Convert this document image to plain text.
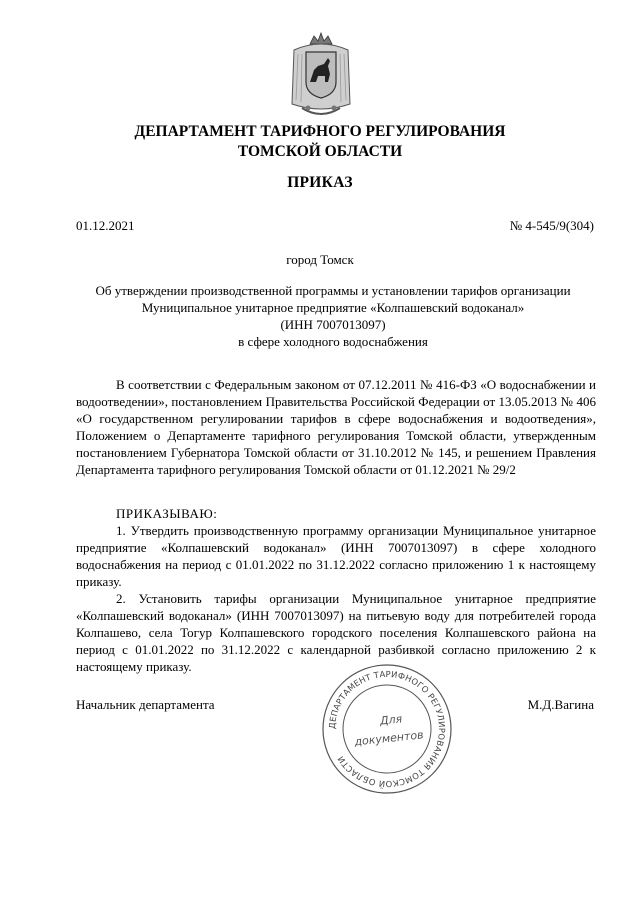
ДЕПАРТАМЕНТ ТАРИФНОГО РЕГУЛИРОВАНИЯ
ТОМСКОЙ ОБЛАСТИ
ПРИКАЗ
01.12.2021	№ 4-545/9(304)
город Томск
Об утверждении производственной программы и установлении тарифов организации
Муниципальное унитарное предприятие «Колпашевский водоканал»
(ИНН 7007013097)
в сфере холодного водоснабжения
В соответствии с Федеральным законом от 07.12.2011 № 416-ФЗ «О водоснабжении и водоотведении», постановлением Правительства Российской Федерации от 13.05.2013 № 406 «О государственном регулировании тарифов в сфере водоснабжения и водоотведения», Положением о Департаменте тарифного регулирования Томской области, утвержденным постановлением Губернатора Томской области от 31.10.2012 № 145, и решением Правления Департамента тарифного регулирования Томской области от 01.12.2021 № 29/2
ПРИКАЗЫВАЮ:
1. Утвердить производственную программу организации Муниципальное унитарное предприятие «Колпашевский водоканал» (ИНН 7007013097) в сфере холодного водоснабжения на период с 01.01.2022 по 31.12.2022 согласно приложению 1 к настоящему приказу.
2. Установить тарифы организации Муниципальное унитарное предприятие «Колпашевский водоканал» (ИНН 7007013097) на питьевую воду для потребителей города Колпашево, села Тогур Колпашевского городского поселения Колпашевского района на период с 01.01.2022 по 31.12.2022 с календарной разбивкой согласно приложению 2 к настоящему приказу.
Начальник департамента	М.Д.Вагина
ДЕПАРТАМЕНТ ТАРИФНОГО РЕГУЛИРОВАНИЯ ТОМСКОЙ ОБЛАСТИ
Для
документов
